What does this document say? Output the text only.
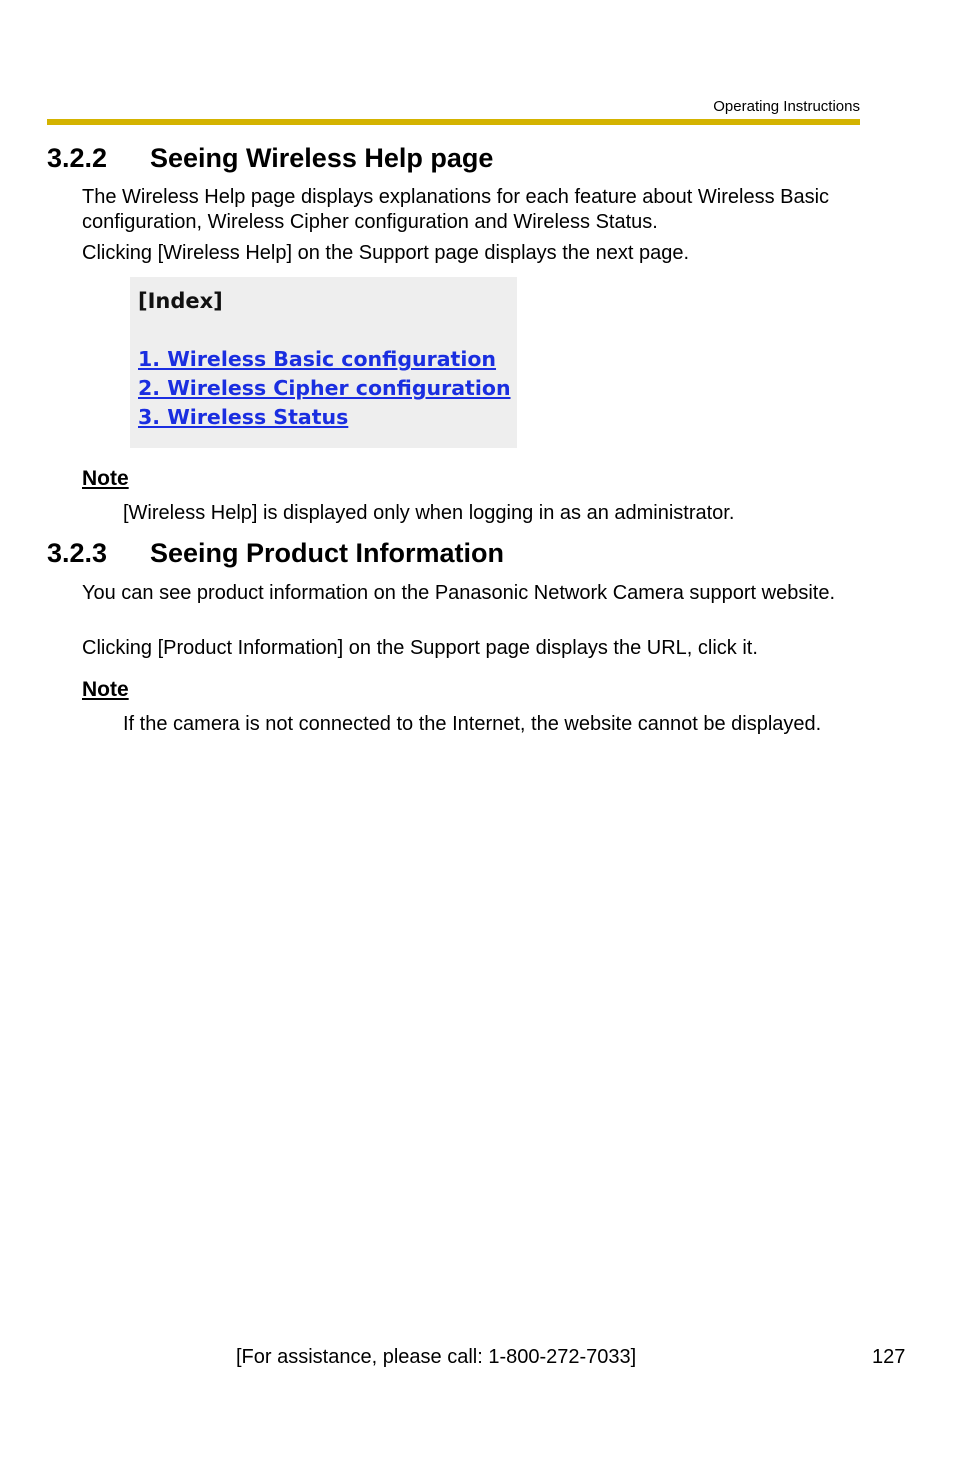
Operating Instructions
3.2.2 Seeing Wireless Help page
The Wireless Help page displays explanations for each feature about Wireless Basic configuration, Wireless Cipher configuration and Wireless Status.
Clicking [Wireless Help] on the Support page displays the next page.
[Index]
1. Wireless Basic configuration
2. Wireless Cipher configuration
3. Wireless Status
Note
[Wireless Help] is displayed only when logging in as an administrator.
3.2.3 Seeing Product Information
You can see product information on the Panasonic Network Camera support website.
Clicking [Product Information] on the Support page displays the URL, click it.
Note
If the camera is not connected to the Internet, the website cannot be displayed.
[For assistance, please call: 1-800-272-7033]	127
